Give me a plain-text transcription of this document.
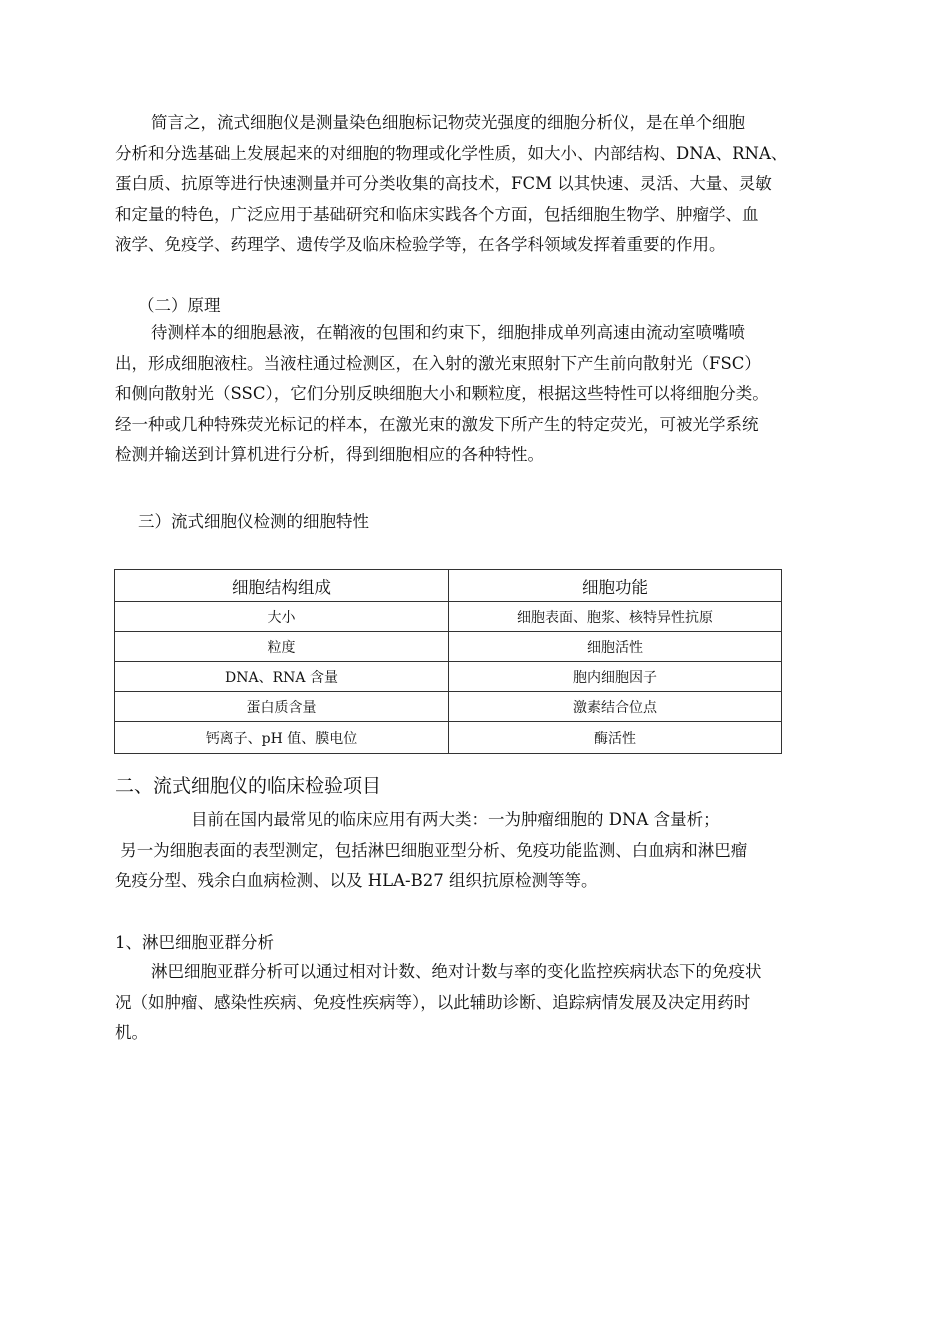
简言之，流式细胞仪是测量染色细胞标记物荧光强度的细胞分析仪，是在单个细胞
分析和分选基础上发展起来的对细胞的物理或化学性质，如大小、内部结构、DNA、RNA、
蛋白质、抗原等进行快速测量并可分类收集的高技术，FCM 以其快速、灵活、大量、灵敏
和定量的特色，广泛应用于基础研究和临床实践各个方面，包括细胞生物学、肿瘤学、血
液学、免疫学、药理学、遗传学及临床检验学等，在各学科领域发挥着重要的作用。

（二）原理

待测样本的细胞悬液，在鞘液的包围和约束下，细胞排成单列高速由流动室喷嘴喷
出，形成细胞液柱。当液柱通过检测区，在入射的激光束照射下产生前向散射光（FSC）
和侧向散射光（SSC），它们分别反映细胞大小和颗粒度，根据这些特性可以将细胞分类。
经一种或几种特殊荧光标记的样本，在激光束的激发下所产生的特定荧光，可被光学系统
检测并输送到计算机进行分析，得到细胞相应的各种特性。

三）流式细胞仪检测的细胞特性

细胞结构组成	细胞功能
大小	细胞表面、胞浆、核特异性抗原
粒度	细胞活性
DNA、RNA 含量	胞内细胞因子
蛋白质含量	激素结合位点
钙离子、pH 值、膜电位	酶活性

二、流式细胞仪的临床检验项目

目前在国内最常见的临床应用有两大类：一为肿瘤细胞的 DNA 含量析；
另一为细胞表面的表型测定，包括淋巴细胞亚型分析、免疫功能监测、白血病和淋巴瘤
免疫分型、残余白血病检测、以及 HLA-B27 组织抗原检测等等。

1、淋巴细胞亚群分析

淋巴细胞亚群分析可以通过相对计数、绝对计数与率的变化监控疾病状态下的免疫状
况（如肿瘤、感染性疾病、免疫性疾病等），以此辅助诊断、追踪病情发展及决定用药时
机。
